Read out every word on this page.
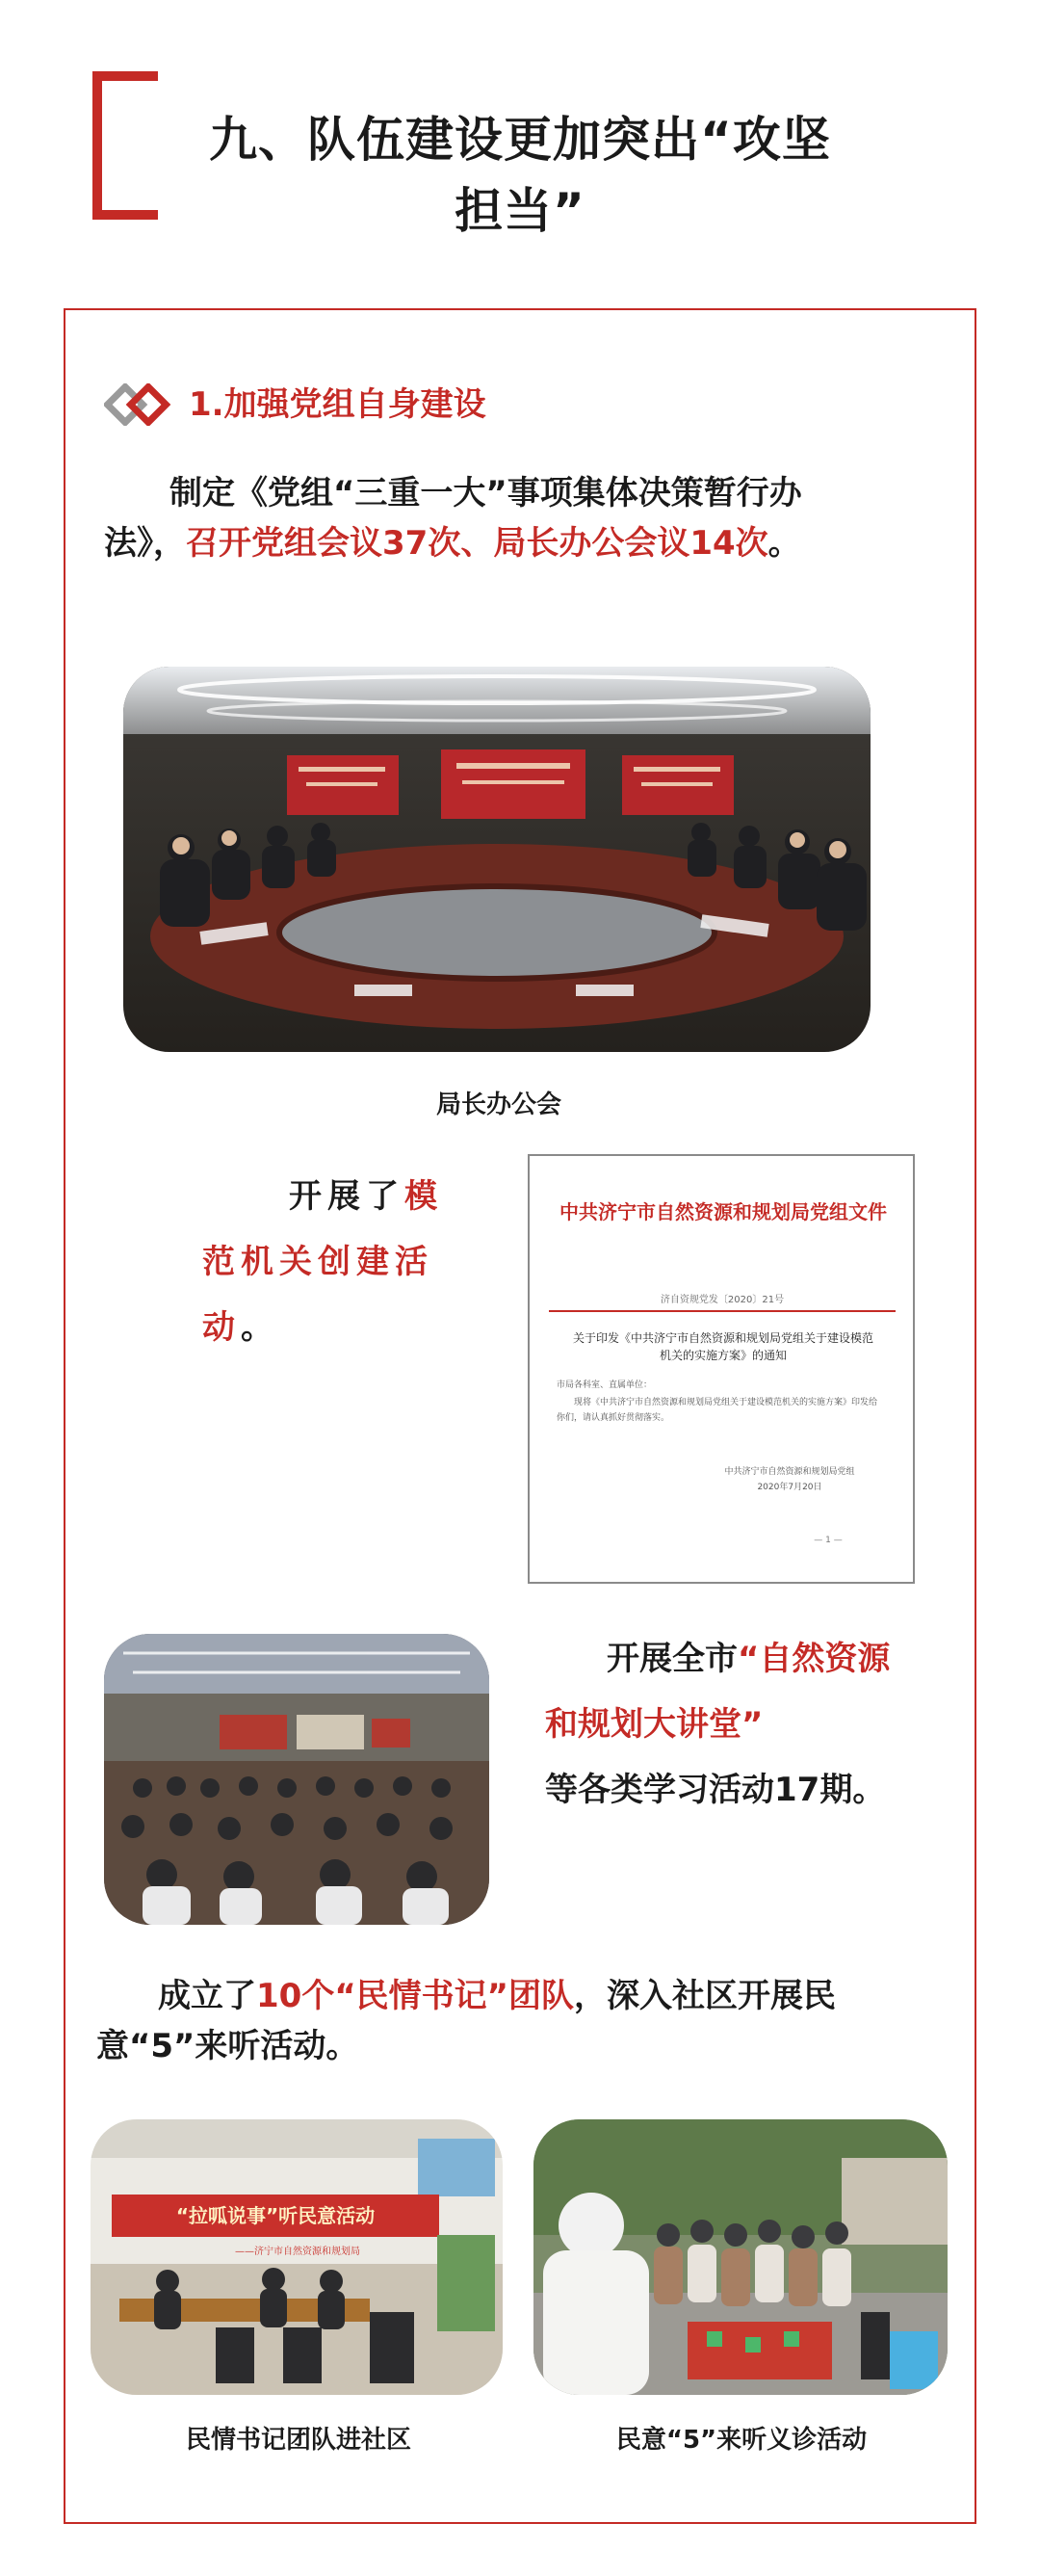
九、队伍建设更加突出“攻坚
担当”
1.加强党组自身建设
制定《党组“三重一大”事项集体决策暂行办法》，召开党组会议37次、局长办公会议14次。
局长办公会
开展了模范机关创建活动。
中共济宁市自然资源和规划局党组文件
济自资规党发〔2020〕21号
关于印发《中共济宁市自然资源和规划局党组关于建设模范机关的实施方案》的通知
市局各科室、直属单位：
现将《中共济宁市自然资源和规划局党组关于建设模范机关的实施方案》印发给你们，请认真抓好贯彻落实。
中共济宁市自然资源和规划局党组
2020年7月20日
— 1 —
开展全市“自然资源和规划大讲堂”
等各类学习活动17期。
成立了10个“民情书记”团队，深入社区开展民意“5”来听活动。
“拉呱说事”听民意活动
——济宁市自然资源和规划局
民情书记团队进社区	民意“5”来听义诊活动
